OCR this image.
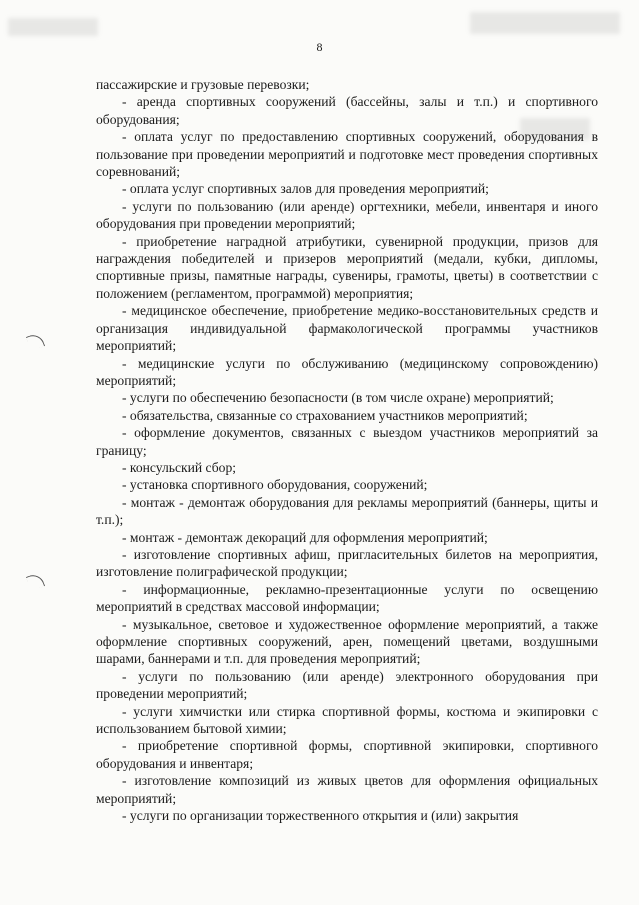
8

пассажирские и грузовые перевозки;

- аренда спортивных сооружений (бассейны, залы и т.п.) и спортивного оборудования;

- оплата услуг по предоставлению спортивных сооружений, оборудования в пользование при проведении мероприятий и подготовке мест проведения спортивных соревнований;

- оплата услуг спортивных залов для проведения мероприятий;

- услуги по пользованию (или аренде) оргтехники, мебели, инвентаря и иного оборудования при проведении мероприятий;

- приобретение наградной атрибутики, сувенирной продукции, призов для награждения победителей и призеров мероприятий (медали, кубки, дипломы, спортивные призы, памятные награды, сувениры, грамоты, цветы) в соответствии с положением (регламентом, программой) мероприятия;

- медицинское обеспечение, приобретение медико-восстановительных средств и организация индивидуальной фармакологической программы участников мероприятий;

- медицинские услуги по обслуживанию (медицинскому сопровождению) мероприятий;

- услуги по обеспечению безопасности (в том числе охране) мероприятий;

- обязательства, связанные со страхованием участников мероприятий;

- оформление документов, связанных с выездом участников мероприятий за границу;

- консульский сбор;

- установка спортивного оборудования, сооружений;

- монтаж - демонтаж оборудования для рекламы мероприятий (баннеры, щиты и т.п.);

- монтаж - демонтаж декораций для оформления мероприятий;

- изготовление спортивных афиш, пригласительных билетов на мероприятия, изготовление полиграфической продукции;

- информационные, рекламно-презентационные услуги по освещению мероприятий в средствах массовой информации;

- музыкальное, световое и художественное оформление мероприятий, а также оформление спортивных сооружений, арен, помещений цветами, воздушными шарами, баннерами и т.п. для проведения мероприятий;

- услуги по пользованию (или аренде) электронного оборудования при проведении мероприятий;

- услуги химчистки или стирка спортивной формы, костюма и экипировки с использованием бытовой химии;

- приобретение спортивной формы, спортивной экипировки, спортивного оборудования и инвентаря;

- изготовление композиций из живых цветов для оформления официальных мероприятий;

- услуги по организации торжественного открытия и (или) закрытия
